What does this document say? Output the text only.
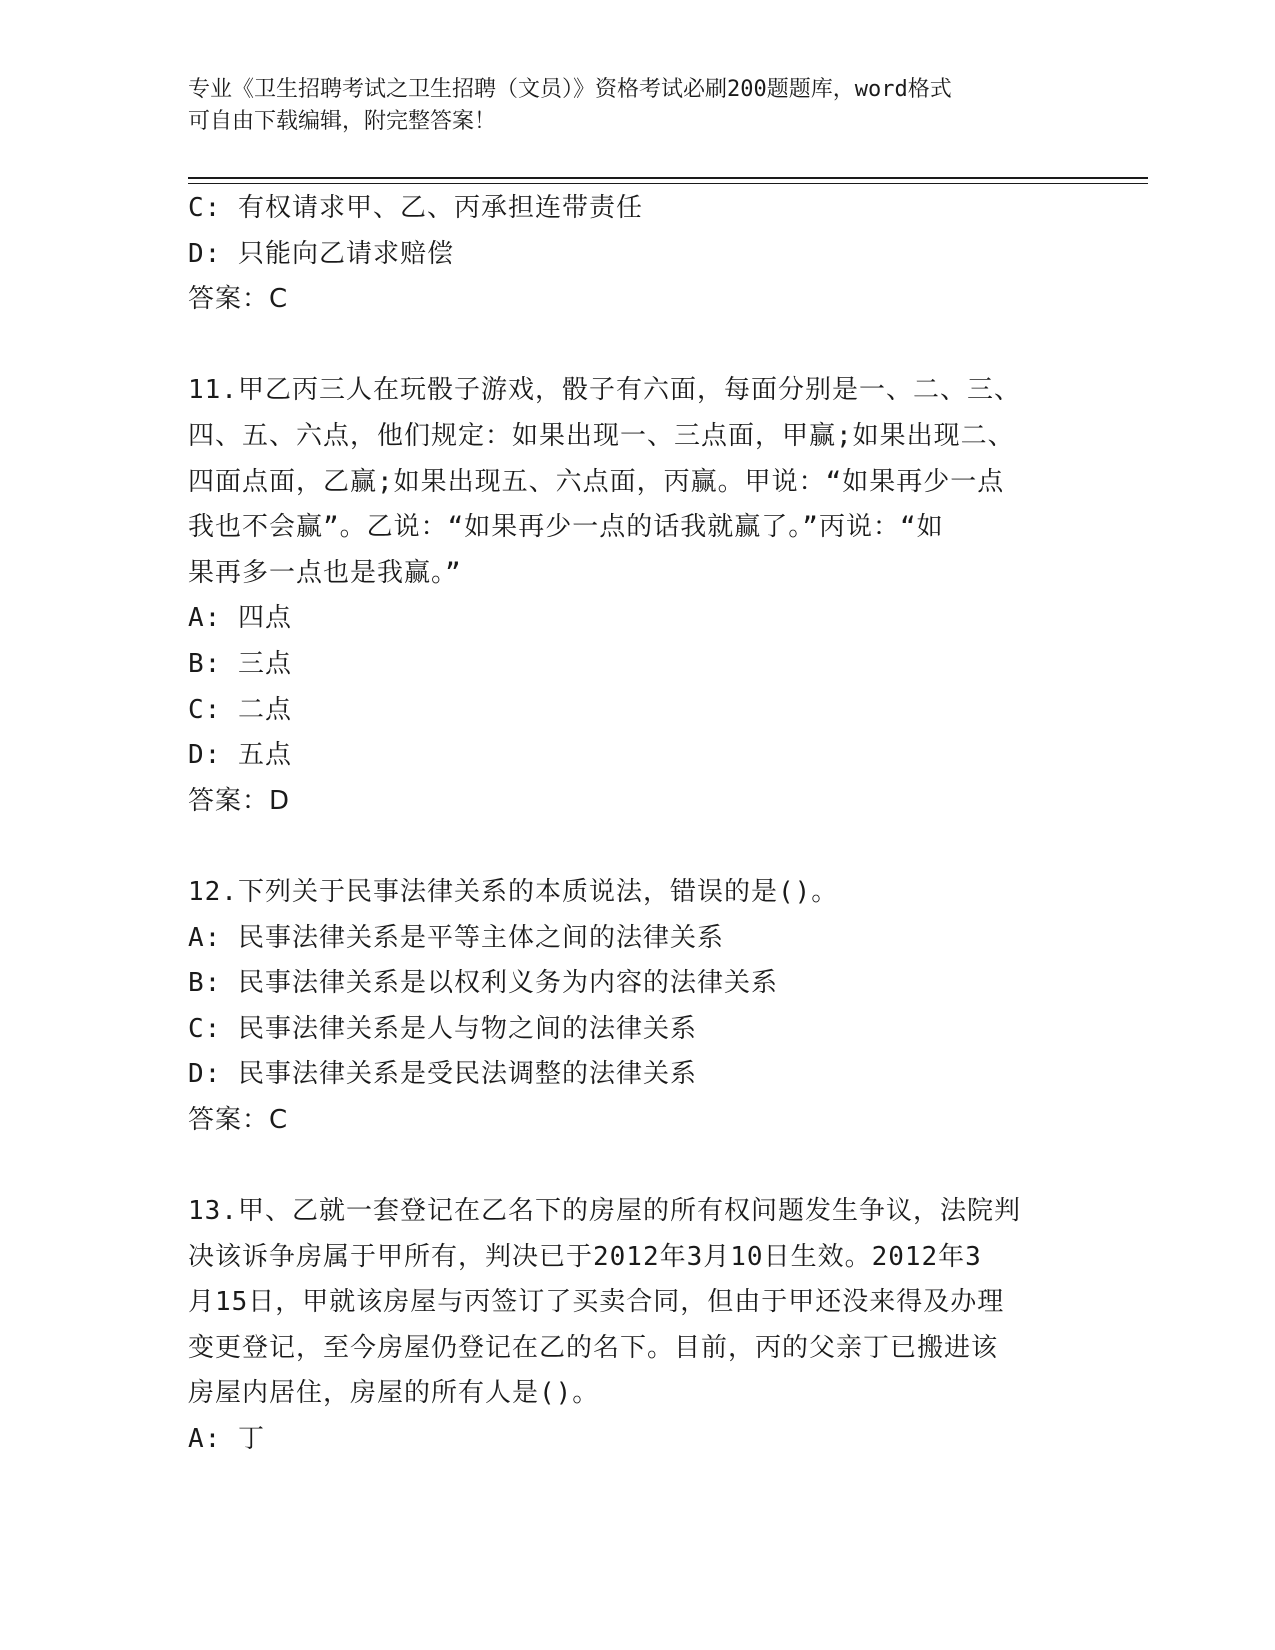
专业《卫生招聘考试之卫生招聘（文员）》资格考试必刷200题题库，word格式
可自由下载编辑，附完整答案！
C: 有权请求甲、乙、丙承担连带责任
D: 只能向乙请求赔偿
答案：C
11.甲乙丙三人在玩骰子游戏，骰子有六面，每面分别是一、二、三、
四、五、六点，他们规定：如果出现一、三点面，甲赢;如果出现二、
四面点面，乙赢;如果出现五、六点面，丙赢。甲说：“如果再少一点
我也不会赢”。乙说：“如果再少一点的话我就赢了。”丙说：“如
果再多一点也是我赢。”
A: 四点
B: 三点
C: 二点
D: 五点
答案：D
12.下列关于民事法律关系的本质说法，错误的是()。
A: 民事法律关系是平等主体之间的法律关系
B: 民事法律关系是以权利义务为内容的法律关系
C: 民事法律关系是人与物之间的法律关系
D: 民事法律关系是受民法调整的法律关系
答案：C
13.甲、乙就一套登记在乙名下的房屋的所有权问题发生争议，法院判
决该诉争房属于甲所有，判决已于2012年3月10日生效。2012年3
月15日，甲就该房屋与丙签订了买卖合同，但由于甲还没来得及办理
变更登记，至今房屋仍登记在乙的名下。目前，丙的父亲丁已搬进该
房屋内居住，房屋的所有人是()。
A: 丁
